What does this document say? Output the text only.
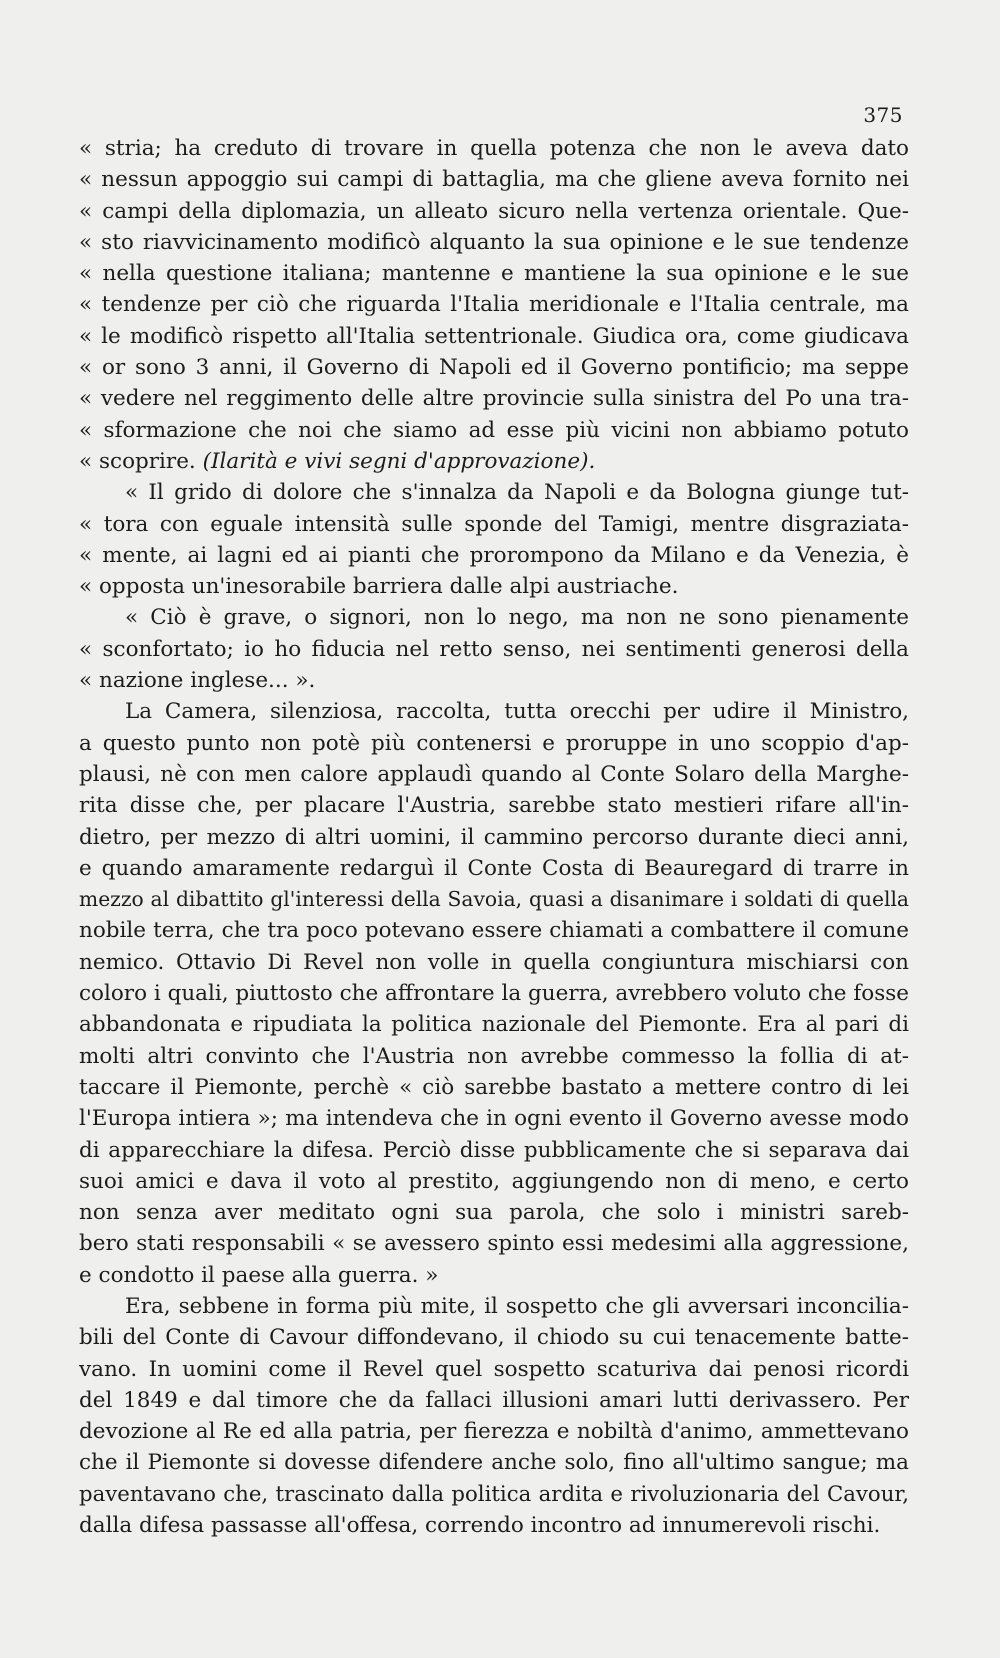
375
« stria; ha creduto di trovare in quella potenza che non le aveva dato
« nessun appoggio sui campi di battaglia, ma che gliene aveva fornito nei
« campi della diplomazia, un alleato sicuro nella vertenza orientale. Que-
« sto riavvicinamento modificò alquanto la sua opinione e le sue tendenze
« nella questione italiana; mantenne e mantiene la sua opinione e le sue
« tendenze per ciò che riguarda l'Italia meridionale e l'Italia centrale, ma
« le modificò rispetto all'Italia settentrionale. Giudica ora, come giudicava
« or sono 3 anni, il Governo di Napoli ed il Governo pontificio; ma seppe
« vedere nel reggimento delle altre provincie sulla sinistra del Po una tra-
« sformazione che noi che siamo ad esse più vicini non abbiamo potuto
« scoprire. (Ilarità e vivi segni d'approvazione).
« Il grido di dolore che s'innalza da Napoli e da Bologna giunge tut-
« tora con eguale intensità sulle sponde del Tamigi, mentre disgraziata-
« mente, ai lagni ed ai pianti che prorompono da Milano e da Venezia, è
« opposta un'inesorabile barriera dalle alpi austriache.
« Ciò è grave, o signori, non lo nego, ma non ne sono pienamente
« sconfortato; io ho fiducia nel retto senso, nei sentimenti generosi della
« nazione inglese... ».
La Camera, silenziosa, raccolta, tutta orecchi per udire il Ministro,
a questo punto non potè più contenersi e proruppe in uno scoppio d'ap-
plausi, nè con men calore applaudì quando al Conte Solaro della Marghe-
rita disse che, per placare l'Austria, sarebbe stato mestieri rifare all'in-
dietro, per mezzo di altri uomini, il cammino percorso durante dieci anni,
e quando amaramente redarguì il Conte Costa di Beauregard di trarre in
mezzo al dibattito gl'interessi della Savoia, quasi a disanimare i soldati di quella
nobile terra, che tra poco potevano essere chiamati a combattere il comune
nemico. Ottavio Di Revel non volle in quella congiuntura mischiarsi con
coloro i quali, piuttosto che affrontare la guerra, avrebbero voluto che fosse
abbandonata e ripudiata la politica nazionale del Piemonte. Era al pari di
molti altri convinto che l'Austria non avrebbe commesso la follia di at-
taccare il Piemonte, perchè « ciò sarebbe bastato a mettere contro di lei
l'Europa intiera »; ma intendeva che in ogni evento il Governo avesse modo
di apparecchiare la difesa. Perciò disse pubblicamente che si separava dai
suoi amici e dava il voto al prestito, aggiungendo non di meno, e certo
non senza aver meditato ogni sua parola, che solo i ministri sareb-
bero stati responsabili « se avessero spinto essi medesimi alla aggressione,
e condotto il paese alla guerra. »
Era, sebbene in forma più mite, il sospetto che gli avversari inconcilia-
bili del Conte di Cavour diffondevano, il chiodo su cui tenacemente batte-
vano. In uomini come il Revel quel sospetto scaturiva dai penosi ricordi
del 1849 e dal timore che da fallaci illusioni amari lutti derivassero. Per
devozione al Re ed alla patria, per fierezza e nobiltà d'animo, ammettevano
che il Piemonte si dovesse difendere anche solo, fino all'ultimo sangue; ma
paventavano che, trascinato dalla politica ardita e rivoluzionaria del Cavour,
dalla difesa passasse all'offesa, correndo incontro ad innumerevoli rischi.
